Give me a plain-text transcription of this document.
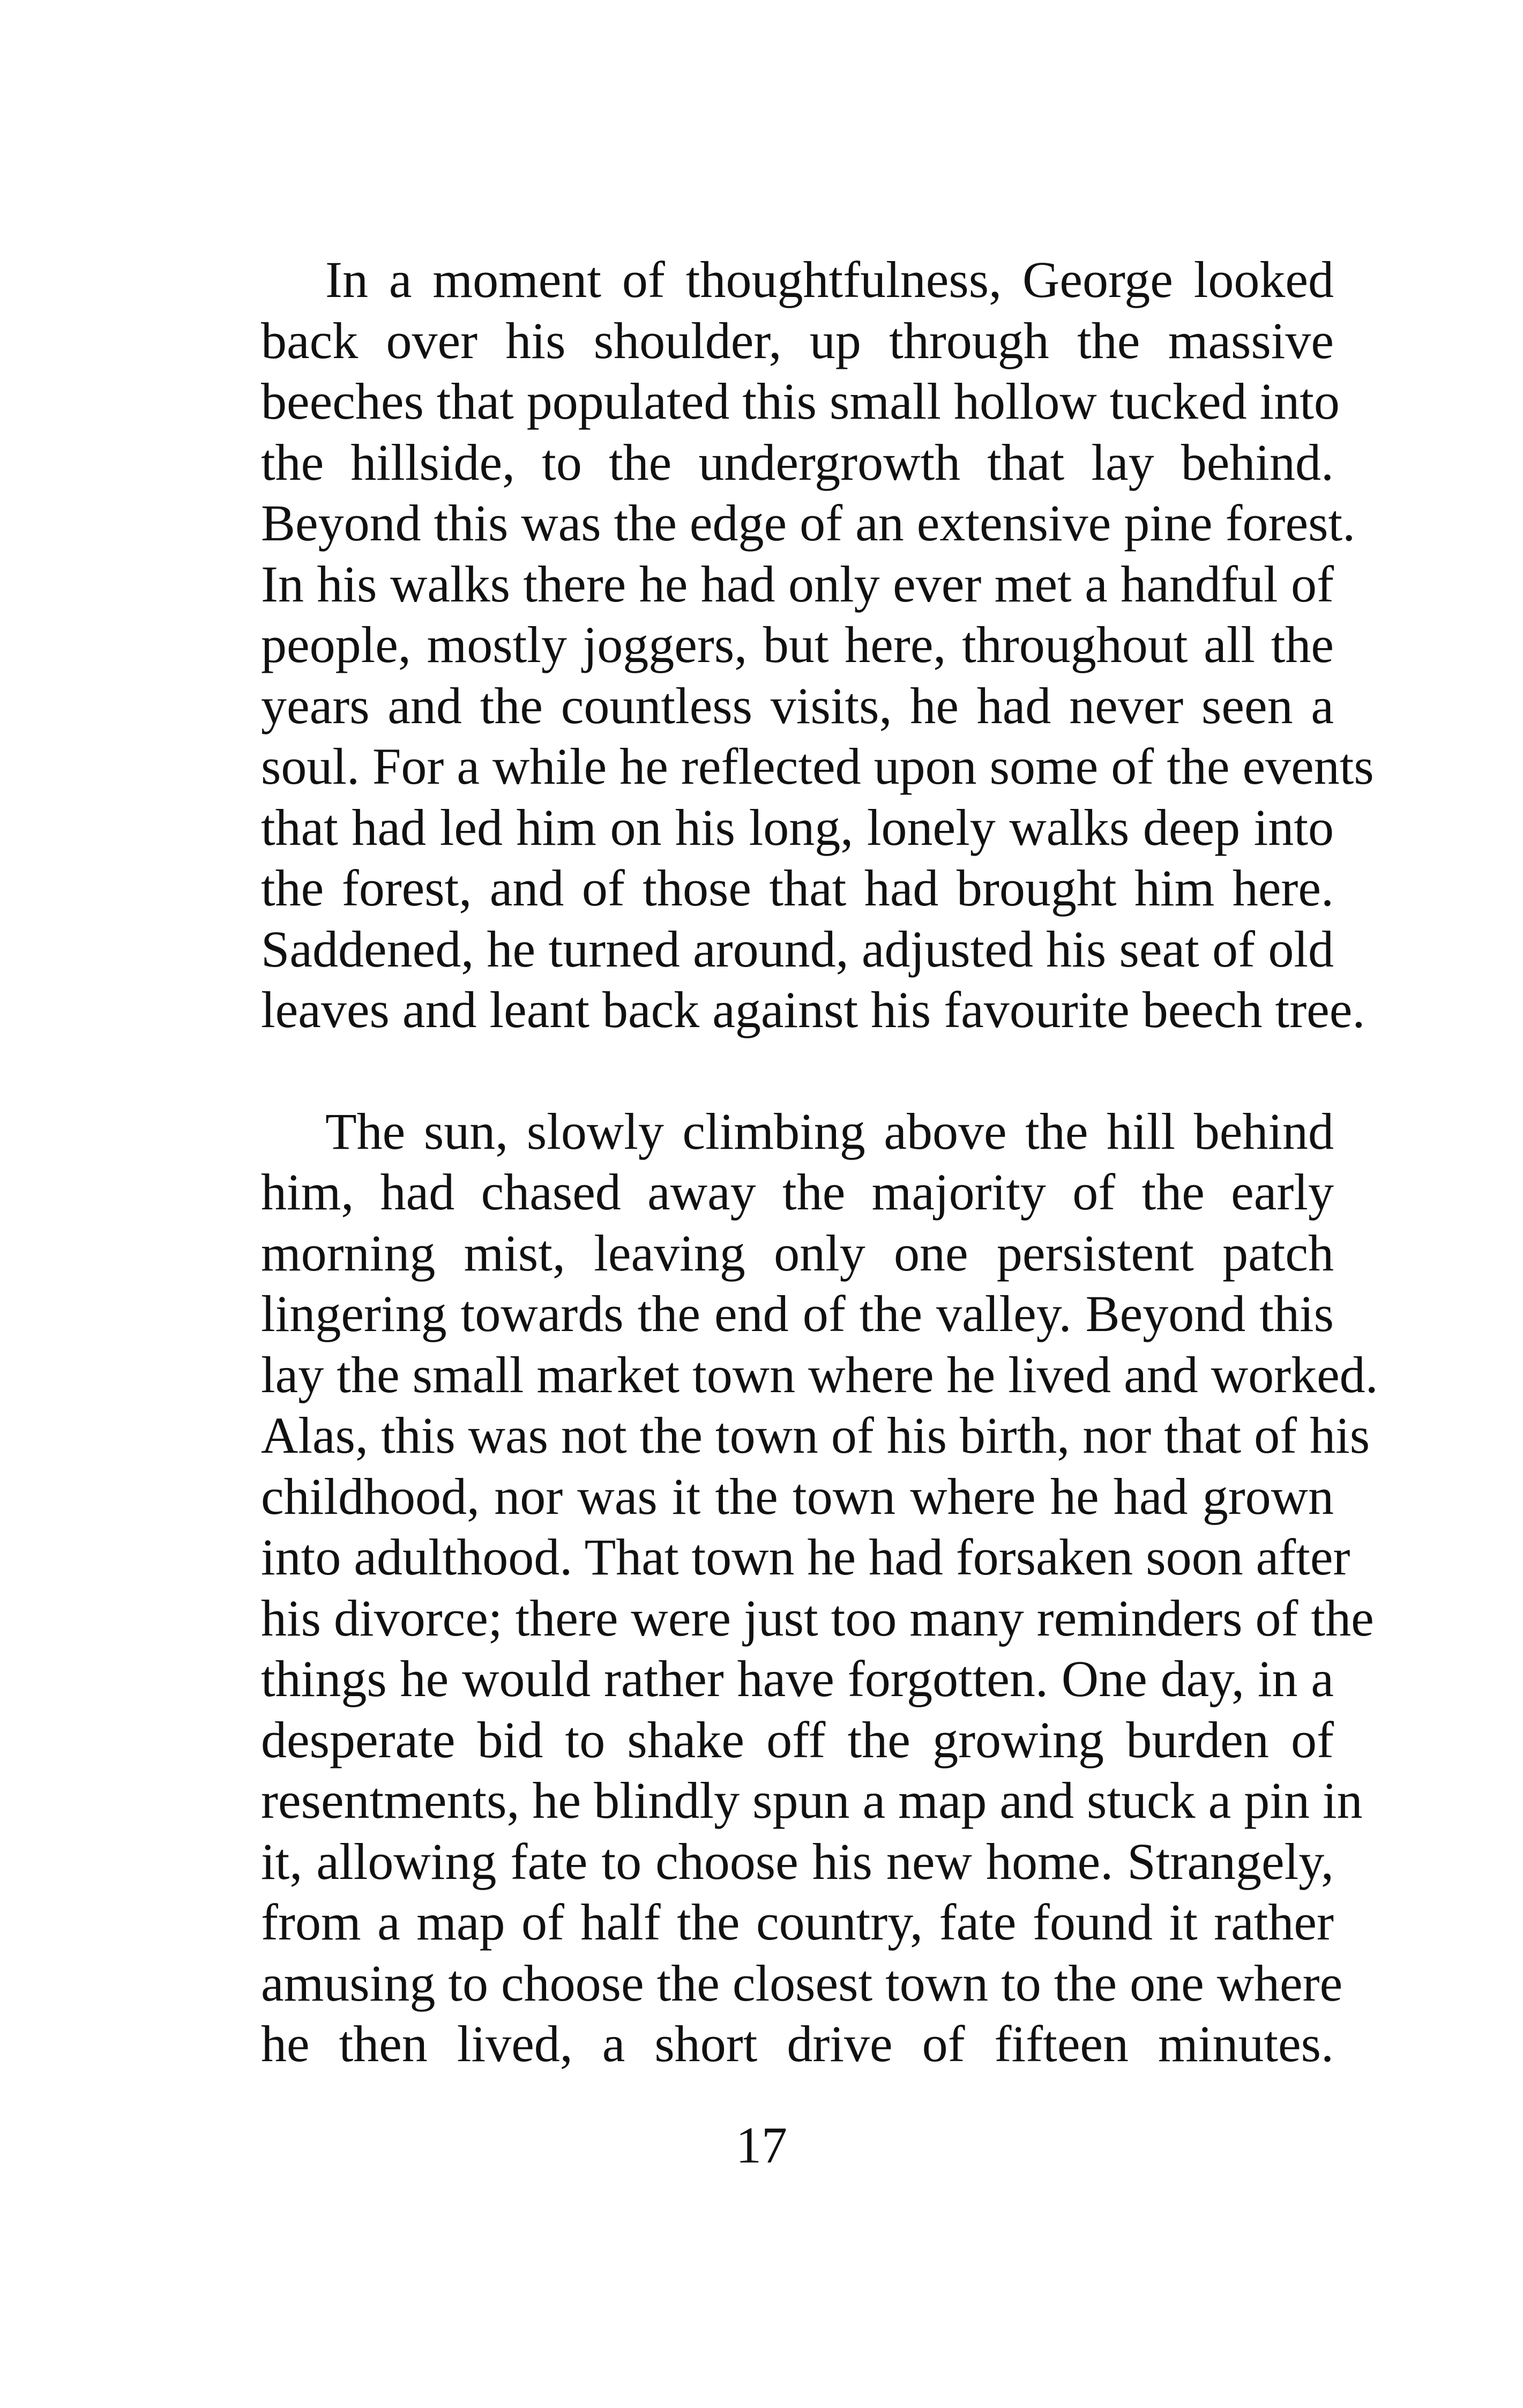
In a moment of thoughtfulness, George looked
back over his shoulder, up through the massive
beeches that populated this small hollow tucked into
the hillside, to the undergrowth that lay behind.
Beyond this was the edge of an extensive pine forest.
In his walks there he had only ever met a handful of
people, mostly joggers, but here, throughout all the
years and the countless visits, he had never seen a
soul. For a while he reflected upon some of the events
that had led him on his long, lonely walks deep into
the forest, and of those that had brought him here.
Saddened, he turned around, adjusted his seat of old
leaves and leant back against his favourite beech tree.
The sun, slowly climbing above the hill behind
him, had chased away the majority of the early
morning mist, leaving only one persistent patch
lingering towards the end of the valley. Beyond this
lay the small market town where he lived and worked.
Alas, this was not the town of his birth, nor that of his
childhood, nor was it the town where he had grown
into adulthood. That town he had forsaken soon after
his divorce; there were just too many reminders of the
things he would rather have forgotten. One day, in a
desperate bid to shake off the growing burden of
resentments, he blindly spun a map and stuck a pin in
it, allowing fate to choose his new home. Strangely,
from a map of half the country, fate found it rather
amusing to choose the closest town to the one where
he then lived, a short drive of fifteen minutes.
17
